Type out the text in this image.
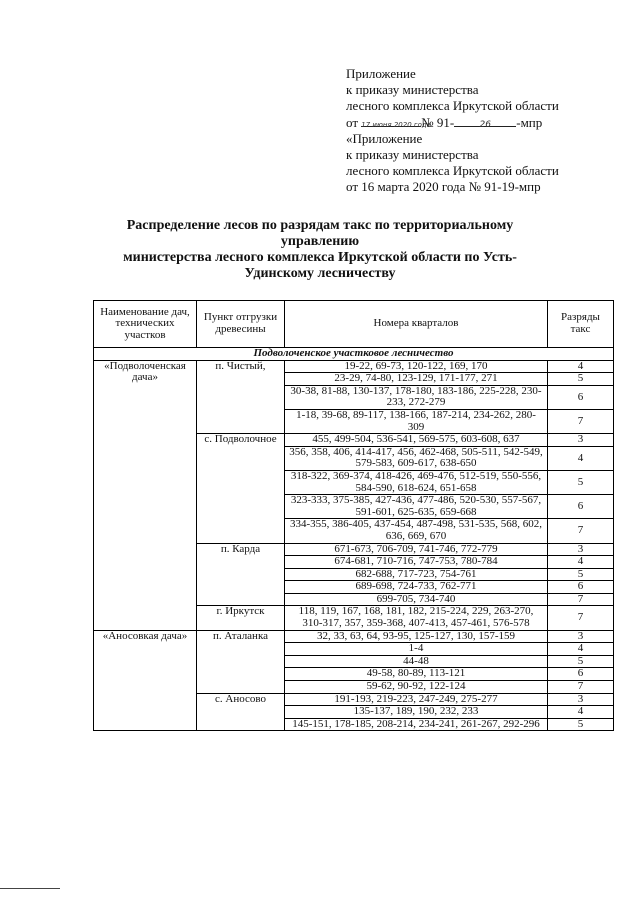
Приложение
к приказу министерства
лесного комплекса Иркутской области
от 17 июня 2020 года№ 91-	26 -мпр
«Приложение
к приказу министерства
лесного комплекса Иркутской области
от 16 марта 2020 года № 91-19-мпр
Распределение лесов по разрядам такс по территориальному управлению
министерства лесного комплекса Иркутской области по Усть-Удинскому лесничеству
Наименование дач, технических участков	Пункт отгрузки древесины	Номера кварталов	Разряды такс
Подволоченское участковое лесничество			
«Подволоченская дача»	п. Чистый,	19-22, 69-73, 120-122, 169, 170	4
		23-29, 74-80, 123-129, 171-177, 271	5
		30-38, 81-88, 130-137, 178-180, 183-186, 225-228, 230-233, 272-279	6
		1-18, 39-68, 89-117, 138-166, 187-214, 234-262, 280-309	7
	с. Подволочное	455, 499-504, 536-541, 569-575, 603-608, 637	3
		356, 358, 406, 414-417, 456, 462-468, 505-511, 542-549, 579-583, 609-617, 638-650	4
		318-322, 369-374, 418-426, 469-476, 512-519, 550-556, 584-590, 618-624, 651-658	5
		323-333, 375-385, 427-436, 477-486, 520-530, 557-567, 591-601, 625-635, 659-668	6
		334-355, 386-405, 437-454, 487-498, 531-535, 568, 602, 636, 669, 670	7
	п. Карда	671-673, 706-709, 741-746, 772-779	3
		674-681, 710-716, 747-753, 780-784	4
		682-688, 717-723, 754-761	5
		689-698, 724-733, 762-771	6
		699-705, 734-740	7
	г. Иркутск	118, 119, 167, 168, 181, 182, 215-224, 229, 263-270, 310-317, 357, 359-368, 407-413, 457-461, 576-578	7
«Аносовкая дача»	п. Аталанка	32, 33, 63, 64, 93-95, 125-127, 130, 157-159	3
		1-4	4
		44-48	5
		49-58, 80-89, 113-121	6
		59-62, 90-92, 122-124	7
	с. Аносово	191-193, 219-223, 247-249, 275-277	3
		135-137, 189, 190, 232, 233	4
		145-151, 178-185, 208-214, 234-241, 261-267, 292-296	5
